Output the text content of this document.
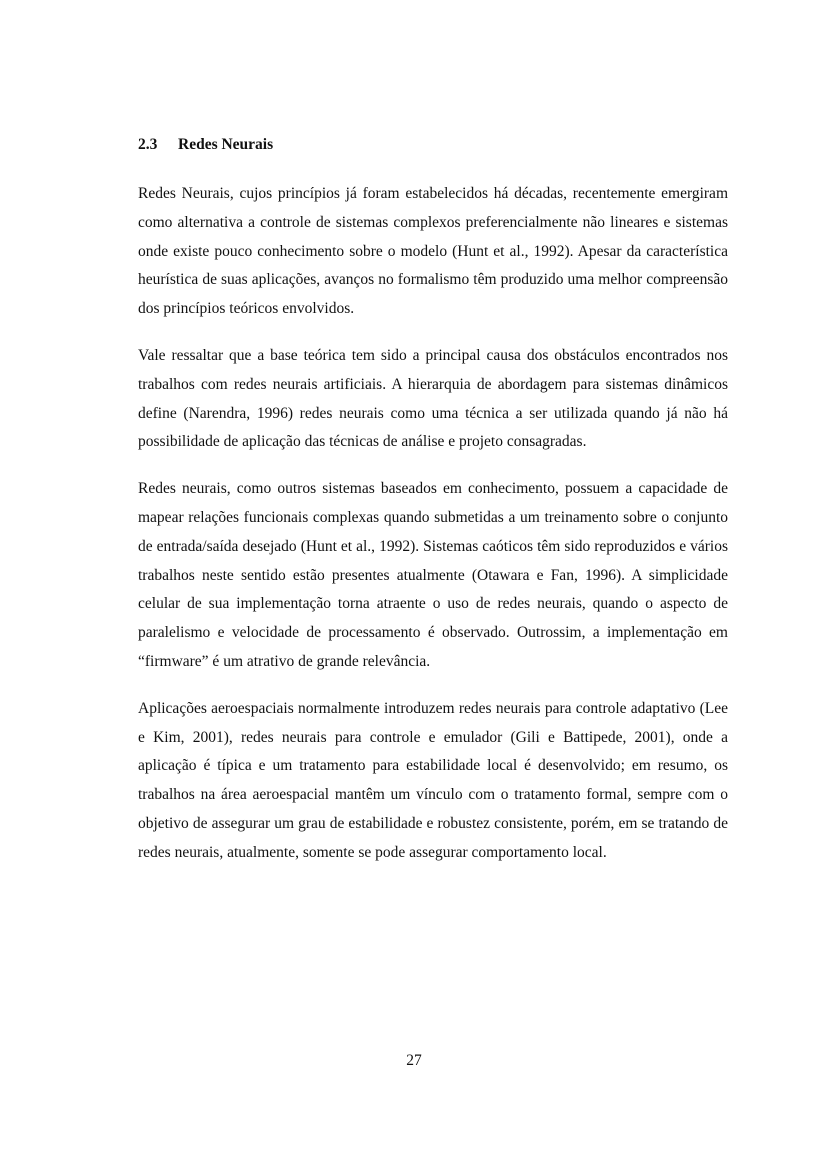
2.3	Redes Neurais

Redes Neurais, cujos princípios já foram estabelecidos há décadas, recentemente emergiram como alternativa a controle de sistemas complexos preferencialmente não lineares e sistemas onde existe pouco conhecimento sobre o modelo (Hunt et al., 1992). Apesar da característica heurística de suas aplicações, avanços no formalismo têm produzido uma melhor compreensão dos princípios teóricos envolvidos.

Vale ressaltar que a base teórica tem sido a principal causa dos obstáculos encontrados nos trabalhos com redes neurais artificiais. A hierarquia de abordagem para sistemas dinâmicos define (Narendra, 1996) redes neurais como uma técnica a ser utilizada quando já não há possibilidade de aplicação das técnicas de análise e projeto consagradas.

Redes neurais, como outros sistemas baseados em conhecimento, possuem a capacidade de mapear relações funcionais complexas quando submetidas a um treinamento sobre o conjunto de entrada/saída desejado (Hunt et al., 1992). Sistemas caóticos têm sido reproduzidos e vários trabalhos neste sentido estão presentes atualmente (Otawara e Fan, 1996). A simplicidade celular de sua implementação torna atraente o uso de redes neurais, quando o aspecto de paralelismo e velocidade de processamento é observado. Outrossim, a implementação em “firmware” é um atrativo de grande relevância.

Aplicações aeroespaciais normalmente introduzem redes neurais para controle adaptativo (Lee e Kim, 2001), redes neurais para controle e emulador (Gili e Battipede, 2001), onde a aplicação é típica e um tratamento para estabilidade local é desenvolvido; em resumo, os trabalhos na área aeroespacial mantêm um vínculo com o tratamento formal, sempre com o objetivo de assegurar um grau de estabilidade e robustez consistente, porém, em se tratando de redes neurais, atualmente, somente se pode assegurar comportamento local.

27
